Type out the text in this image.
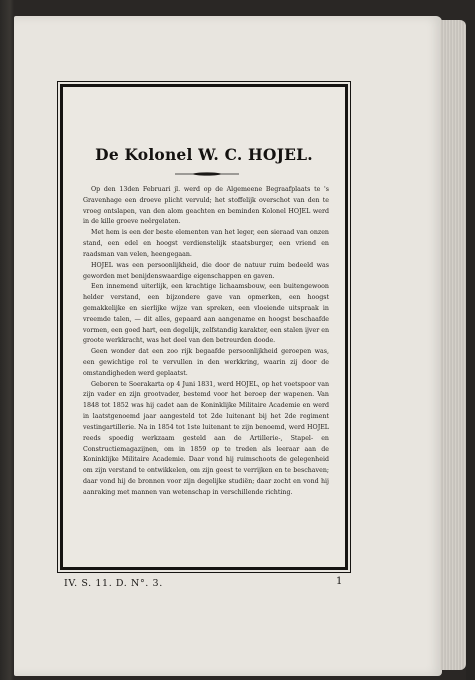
De Kolonel W. C. HOJEL.

Op den 13den Februari jl. werd op de Algemeene Begraafplaats te 's Gravenhage een droeve plicht vervuld; het stoffelijk overschot van den te vroeg ontslapen, van den alom geachten en beminden Kolonel HOJEL werd in de kille groeve neêrgelaten.

Met hem is een der beste elementen van het leger, een sieraad van onzen stand, een edel en hoogst verdienstelijk staatsburger, een vriend en raadsman van velen, heengegaan.

HOJEL was een persoonlijkheid, die door de natuur ruim bedeeld was geworden met benijdenswaardige eigenschappen en gaven.

Een innemend uiterlijk, een krachtige lichaamsbouw, een buitengewoon helder verstand, een bijzondere gave van opmerken, een hoogst gemakkelijke en sierlijke wijze van spreken, een vloeiende uitspraak in vreemde talen, — dit alles, gepaard aan aangename en hoogst beschaafde vormen, een goed hart, een degelijk, zelfstandig karakter, een stalen ijver en groote werkkracht, was het deel van den betreurden doode.

Geen wonder dat een zoo rijk begaafde persoonlijkheid geroepen was, een gewichtige rol te vervullen in den werkkring, waarin zij door de omstandigheden werd geplaatst.

Geboren te Soerakarta op 4 Juni 1831, werd HOJEL, op het voetspoor van zijn vader en zijn grootvader, bestemd voor het beroep der wapenen. Van 1848 tot 1852 was hij cadet aan de Koninklijke Militaire Academie en werd in laatstgenoemd jaar aangesteld tot 2de luitenant bij het 2de regiment vestingartillerie. Na in 1854 tot 1ste luitenant te zijn benoemd, werd HOJEL reeds spoedig werkzaam gesteld aan de Artillerie-, Stapel- en Constructiemagazijnen, om in 1859 op te treden als leeraar aan de Koninklijke Militaire Academie. Daar vond hij ruimschoots de gelegenheid om zijn verstand te ontwikkelen, om zijn geest te verrijken en te beschaven; daar vond hij de bronnen voor zijn degelijke studiën; daar zocht en vond hij aanraking met mannen van wetenschap in verschillende richting.

IV. S. 11. D. N°. 3.	1
